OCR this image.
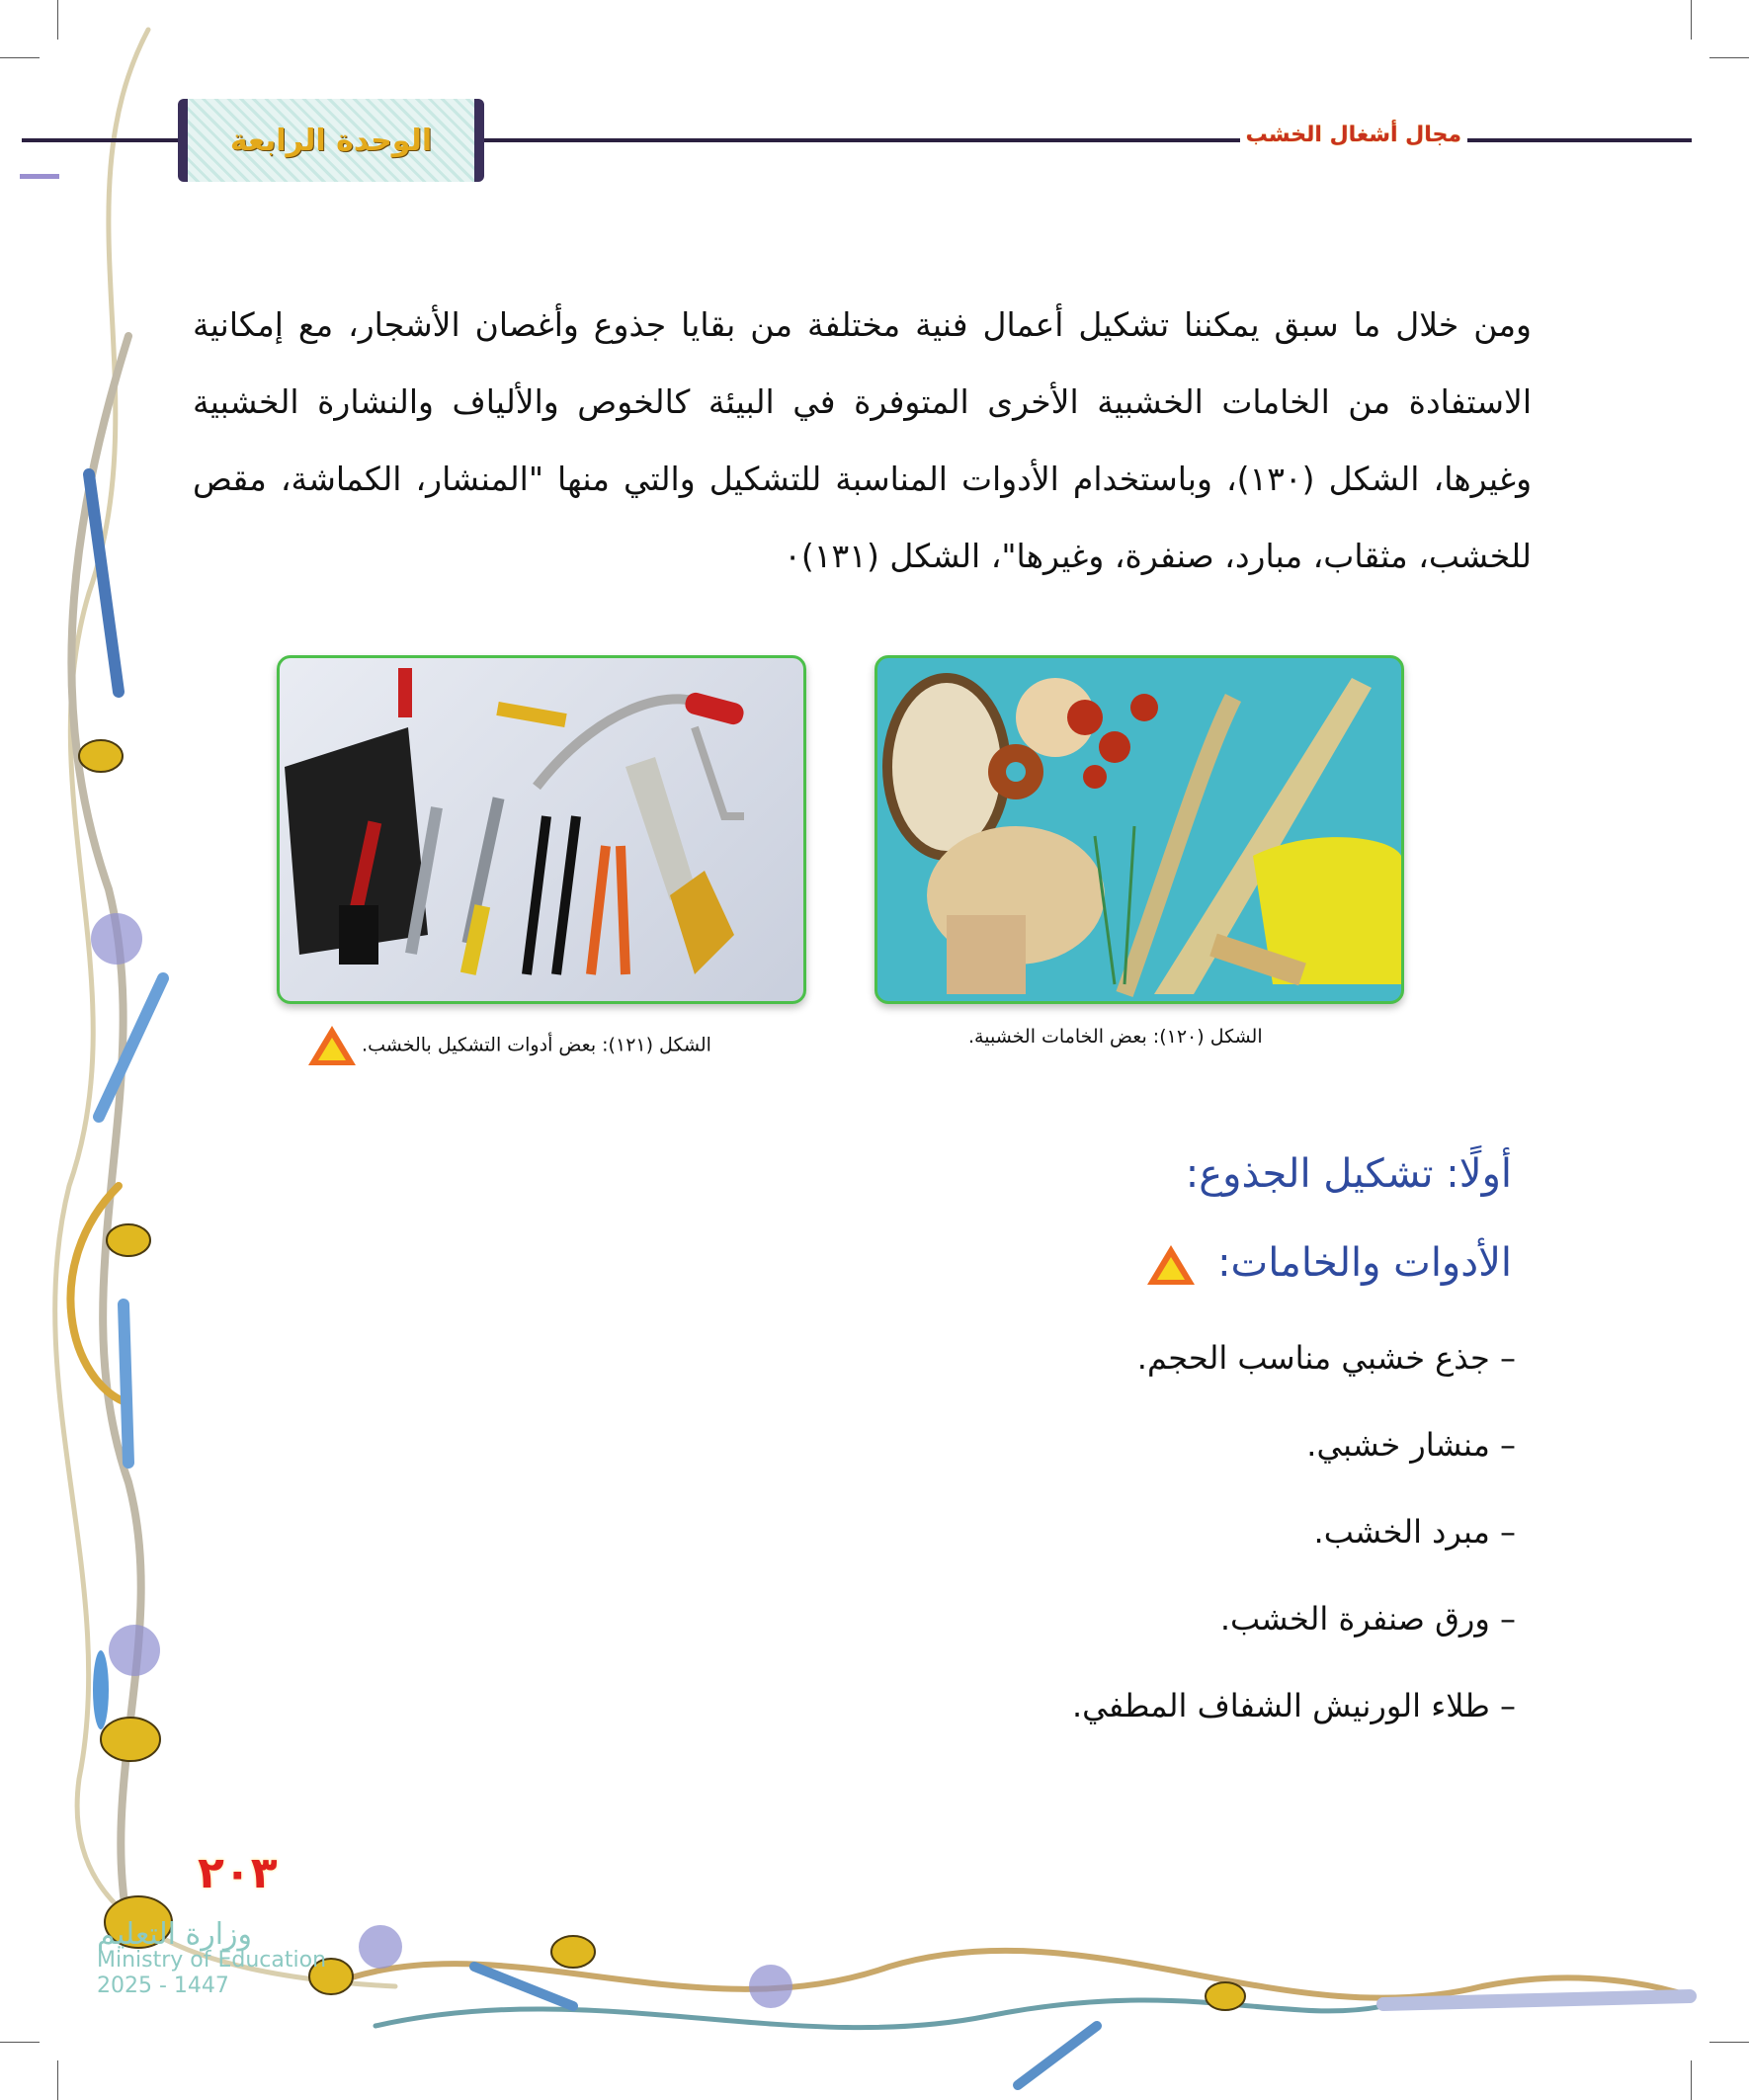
الوحدة الرابعة	مجال أشغال الخشب
ومن خلال ما سبق يمكننا تشكيل أعمال فنية مختلفة من بقايا جذوع وأغصان الأشجار، مع إمكانية الاستفادة من الخامات الخشبية الأخرى المتوفرة في البيئة كالخوص والألياف والنشارة الخشبية وغيرها، الشكل (١٣٠)، وباستخدام الأدوات المناسبة للتشكيل والتي منها "المنشار، الكماشة، مقص للخشب، مثقاب، مبارد، صنفرة، وغيرها"، الشكل (١٣١)٠
الشكل (١٢١): بعض أدوات التشكيل بالخشب.	الشكل (١٢٠): بعض الخامات الخشبية.
أولًا: تشكيل الجذوع:
الأدوات والخامات:
– جذع خشبي مناسب الحجم.
– منشار خشبي.
– مبرد الخشب.
– ورق صنفرة الخشب.
– طلاء الورنيش الشفاف المطفي.
٢٠٣
وزارة التعليم
Ministry of Education
2025 - 1447
